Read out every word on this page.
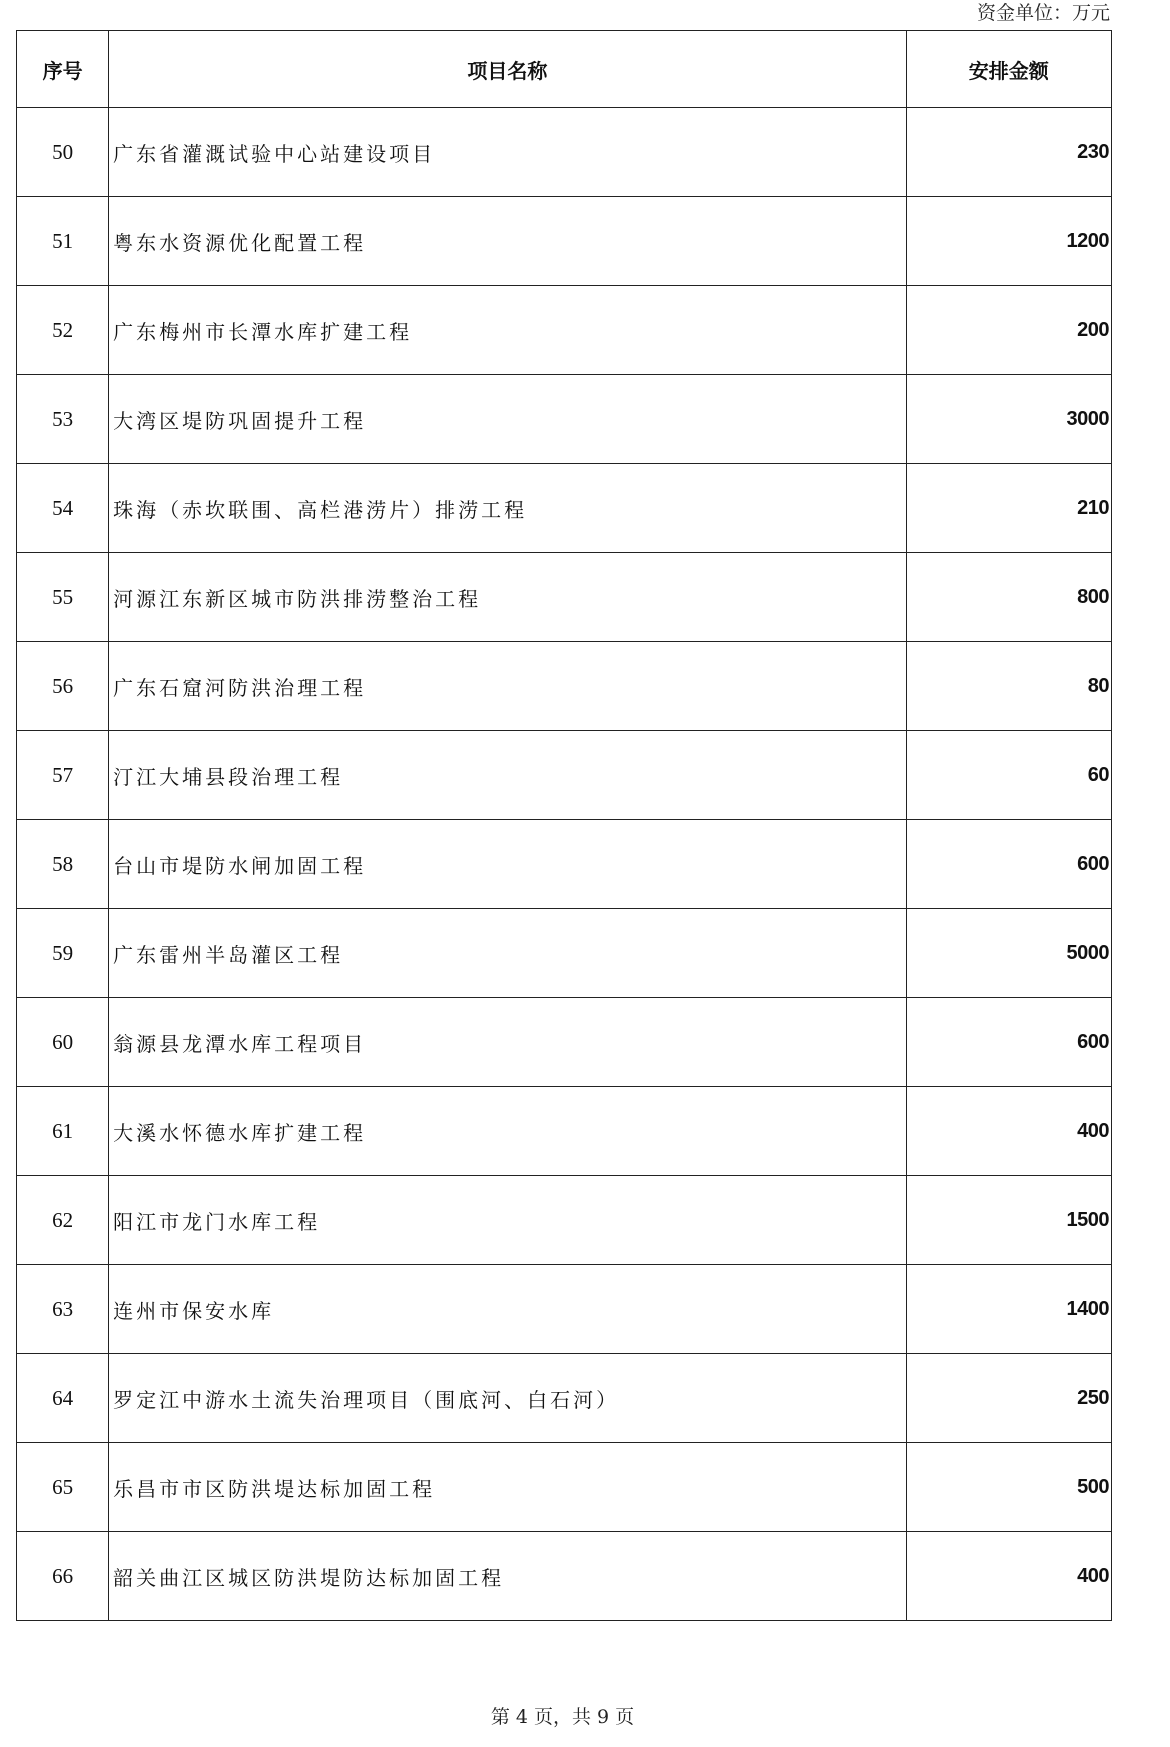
资金单位：万元
序号	项目名称	安排金额
50	广东省灌溉试验中心站建设项目	230
51	粤东水资源优化配置工程	1200
52	广东梅州市长潭水库扩建工程	200
53	大湾区堤防巩固提升工程	3000
54	珠海（赤坎联围、高栏港涝片）排涝工程	210
55	河源江东新区城市防洪排涝整治工程	800
56	广东石窟河防洪治理工程	80
57	汀江大埔县段治理工程	60
58	台山市堤防水闸加固工程	600
59	广东雷州半岛灌区工程	5000
60	翁源县龙潭水库工程项目	600
61	大溪水怀德水库扩建工程	400
62	阳江市龙门水库工程	1500
63	连州市保安水库	1400
64	罗定江中游水土流失治理项目（围底河、白石河）	250
65	乐昌市市区防洪堤达标加固工程	500
66	韶关曲江区城区防洪堤防达标加固工程	400
第 4 页，共 9 页
